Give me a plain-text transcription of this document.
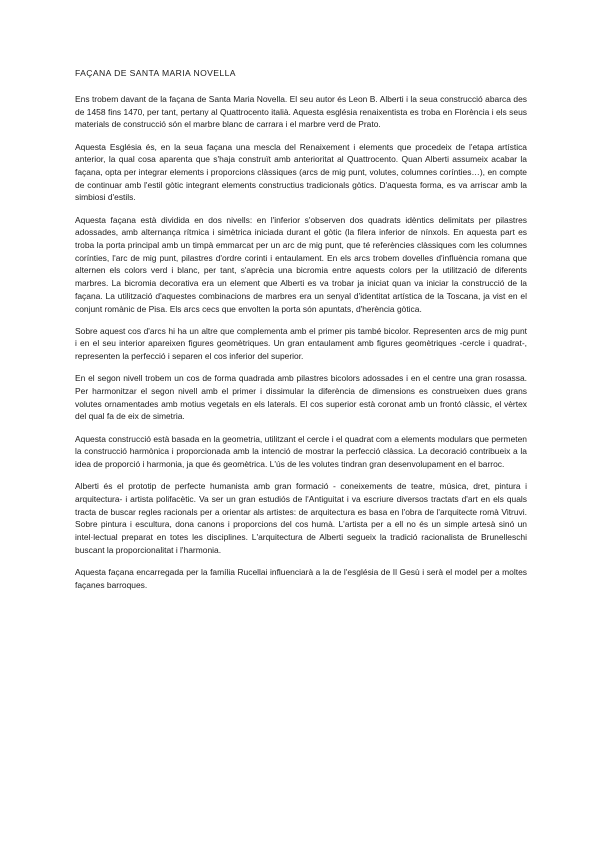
FAÇANA DE SANTA MARIA NOVELLA

Ens trobem davant de la façana de Santa Maria Novella. El seu autor és Leon B. Alberti i la seua construcció abarca des de 1458 fins 1470, per tant, pertany al Quattrocento italià. Aquesta església renaixentista es troba en Florència i els seus materials de construcció són el marbre blanc de carrara i el marbre verd de Prato.

Aquesta Església és, en la seua façana una mescla del Renaixement i elements que procedeix de l'etapa artística anterior, la qual cosa aparenta que s'haja construït amb anterioritat al Quattrocento. Quan Alberti assumeix acabar la façana, opta per integrar elements i proporcions clàssiques (arcs de mig punt, volutes, columnes corínties…), en compte de continuar amb l'estil gòtic integrant elements constructius tradicionals gòtics. D'aquesta forma, es va arriscar amb la simbiosi d'estils.

Aquesta façana està dividida en dos nivells: en l'inferior s'observen dos quadrats idèntics delimitats per pilastres adossades, amb alternança rítmica i simètrica iniciada durant el gòtic (la filera inferior de nínxols. En aquesta part es troba la porta principal amb un timpà emmarcat per un arc de mig punt, que té referències clàssiques com les columnes corínties, l'arc de mig punt, pilastres d'ordre corinti i entaulament. En els arcs trobem dovelles d'influència romana que alternen els colors verd i blanc, per tant, s'aprècia una bicromia entre aquests colors per la utilització de diferents marbres. La bicromia decorativa era un element que Alberti es va trobar ja iniciat quan va iniciar la construcció de la façana. La utilització d'aquestes combinacions de marbres era un senyal d'identitat artística de la Toscana, ja vist en el conjunt romànic de Pisa. Els arcs cecs que envolten la porta són apuntats, d'herència gòtica.

Sobre aquest cos d'arcs hi ha un altre que complementa amb el primer pis també bicolor. Representen arcs de mig punt i en el seu interior apareixen figures geomètriques. Un gran entaulament amb figures geomètriques -cercle i quadrat-, representen la perfecció i separen el cos inferior del superior.

En el segon nivell trobem un cos de forma quadrada amb pilastres bicolors adossades i en el centre una gran rosassa. Per harmonitzar el segon nivell amb el primer i dissimular la diferència de dimensions es construeixen dues grans volutes ornamentades amb motius vegetals en els laterals. El cos superior està coronat amb un frontó clàssic, el vèrtex del qual fa de eix de simetria.

Aquesta construcció està basada en la geometria, utilitzant el cercle i el quadrat com a elements modulars que permeten la construcció harmònica i proporcionada amb la intenció de mostrar la perfecció clàssica. La decoració contribueix a la idea de proporció i harmonia, ja que és geomètrica. L'ús de les volutes tindran gran desenvolupament en el barroc.

Alberti és el prototip de perfecte humanista amb gran formació - coneixements de teatre, música, dret, pintura i arquitectura- i artista polifacètic. Va ser un gran estudiós de l'Antiguitat i va escriure diversos tractats d'art en els quals tracta de buscar regles racionals per a orientar als artistes: de arquitectura es basa en l'obra de l'arquitecte romà Vitruvi. Sobre pintura i escultura, dona canons i proporcions del cos humà. L'artista per a ell no és un simple artesà sinó un intel·lectual preparat en totes les disciplines. L'arquitectura de Alberti segueix la tradició racionalista de Brunelleschi buscant la proporcionalitat i l'harmonia.

Aquesta façana encarregada per la família Rucellai influenciarà a la de l'església de Il Gesù i serà el model per a moltes façanes barroques.
